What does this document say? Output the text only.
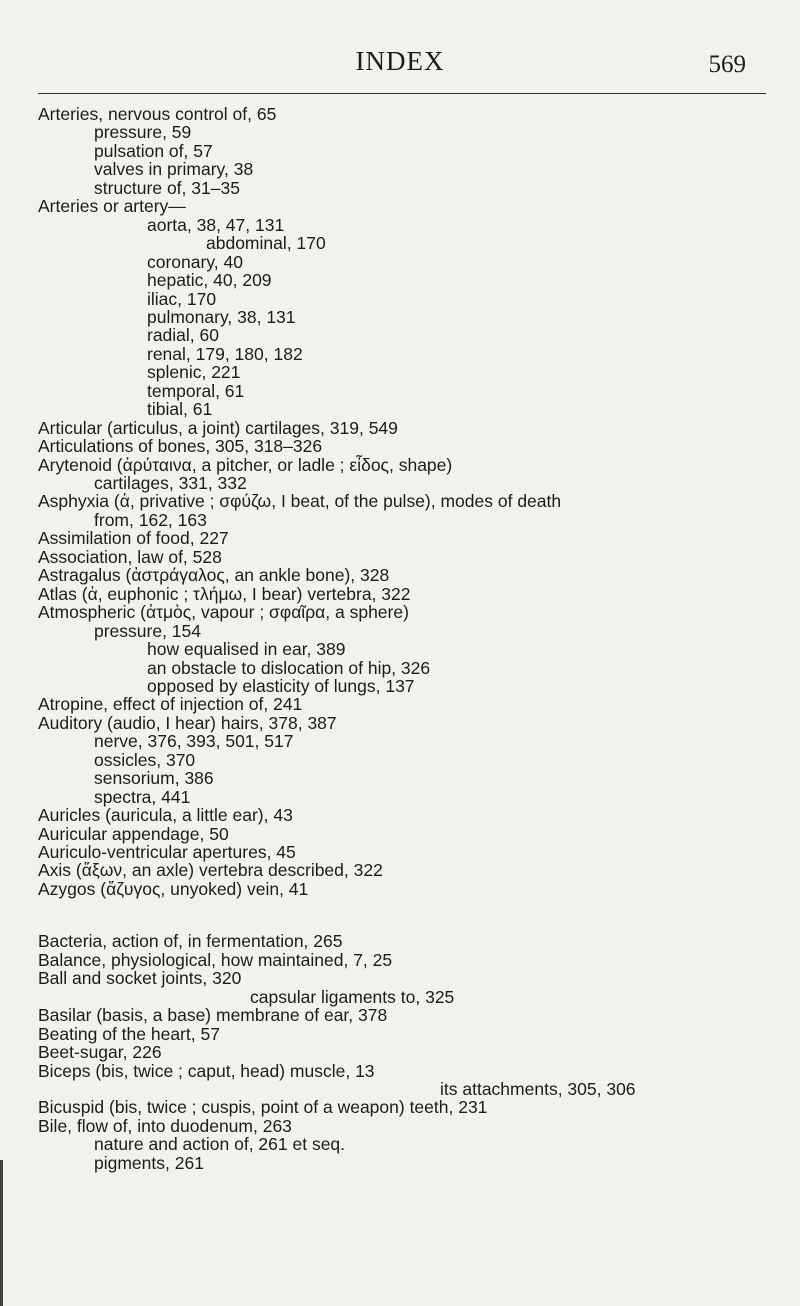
INDEX	569
Arteries, nervous control of, 65
pressure, 59
pulsation of, 57
valves in primary, 38
structure of, 31–35
Arteries or artery—
aorta, 38, 47, 131
abdominal, 170
coronary, 40
hepatic, 40, 209
iliac, 170
pulmonary, 38, 131
radial, 60
renal, 179, 180, 182
splenic, 221
temporal, 61
tibial, 61
Articular (articulus, a joint) cartilages, 319, 549
Articulations of bones, 305, 318–326
Arytenoid (ἀρύταινα, a pitcher, or ladle ; εἶδος, shape)
cartilages, 331, 332
Asphyxia (ἀ, privative ; σφύζω, I beat, of the pulse), modes of death
from, 162, 163
Assimilation of food, 227
Association, law of, 528
Astragalus (ἀστράγαλος, an ankle bone), 328
Atlas (ἀ, euphonic ; τλήμω, I bear) vertebra, 322
Atmospheric (ἀτμὸς, vapour ; σφαῖρα, a sphere)
pressure, 154
how equalised in ear, 389
an obstacle to dislocation of hip, 326
opposed by elasticity of lungs, 137
Atropine, effect of injection of, 241
Auditory (audio, I hear) hairs, 378, 387
nerve, 376, 393, 501, 517
ossicles, 370
sensorium, 386
spectra, 441
Auricles (auricula, a little ear), 43
Auricular appendage, 50
Auriculo-ventricular apertures, 45
Axis (ἄξων, an axle) vertebra described, 322
Azygos (ἄζυγος, unyoked) vein, 41
Bacteria, action of, in fermentation, 265
Balance, physiological, how maintained, 7, 25
Ball and socket joints, 320
capsular ligaments to, 325
Basilar (basis, a base) membrane of ear, 378
Beating of the heart, 57
Beet-sugar, 226
Biceps (bis, twice ; caput, head) muscle, 13
its attachments, 305, 306
Bicuspid (bis, twice ; cuspis, point of a weapon) teeth, 231
Bile, flow of, into duodenum, 263
nature and action of, 261 et seq.
pigments, 261
